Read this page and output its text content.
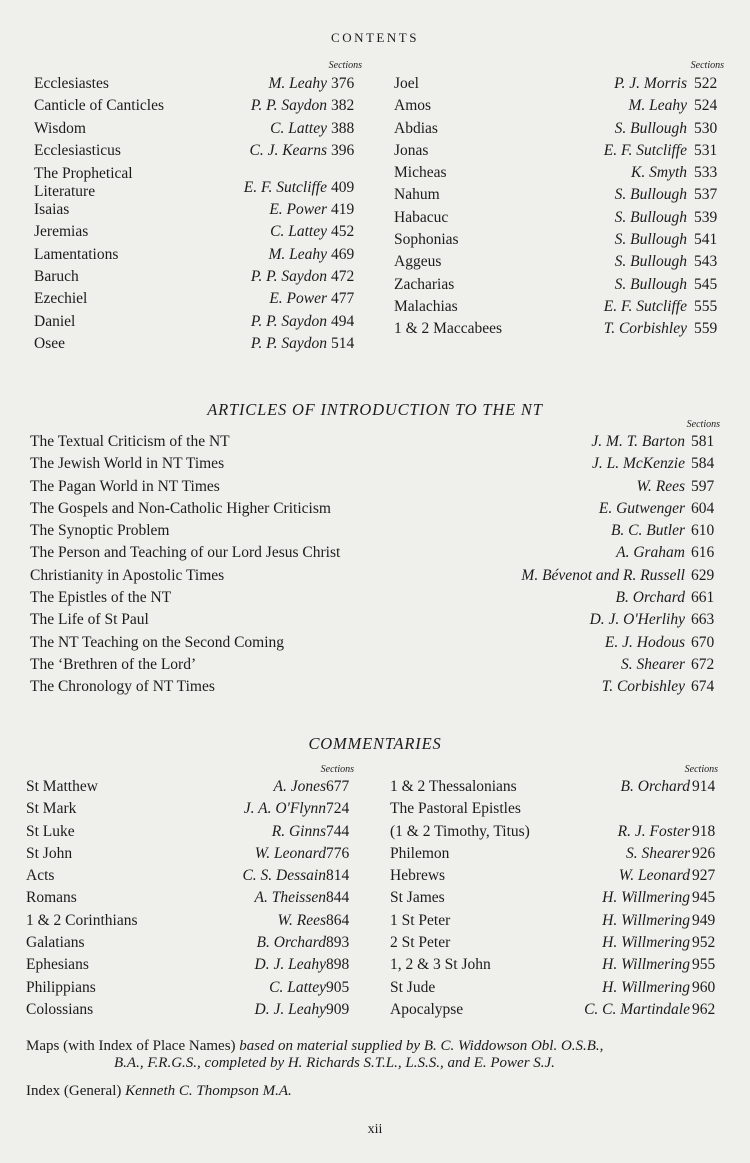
CONTENTS
Sections	Sections
Ecclesiastes	M. Leahy 376
Canticle of Canticles	P. P. Saydon 382
Wisdom	C. Lattey 388
Ecclesiasticus	C. J. Kearns 396
The Prophetical Literature	E. F. Sutcliffe 409
Isaias	E. Power 419
Jeremias	C. Lattey 452
Lamentations	M. Leahy 469
Baruch	P. P. Saydon 472
Ezechiel	E. Power 477
Daniel	P. P. Saydon 494
Osee	P. P. Saydon 514
Joel	P. J. Morris 522
Amos	M. Leahy 524
Abdias	S. Bullough 530
Jonas	E. F. Sutcliffe 531
Micheas	K. Smyth 533
Nahum	S. Bullough 537
Habacuc	S. Bullough 539
Sophonias	S. Bullough 541
Aggeus	S. Bullough 543
Zacharias	S. Bullough 545
Malachias	E. F. Sutcliffe 555
1 & 2 Maccabees	T. Corbishley 559
ARTICLES OF INTRODUCTION TO THE NT
Sections
The Textual Criticism of the NT	J. M. T. Barton 581
The Jewish World in NT Times	J. L. McKenzie 584
The Pagan World in NT Times	W. Rees 597
The Gospels and Non-Catholic Higher Criticism	E. Gutwenger 604
The Synoptic Problem	B. C. Butler 610
The Person and Teaching of our Lord Jesus Christ	A. Graham 616
Christianity in Apostolic Times	M. Bévenot and R. Russell 629
The Epistles of the NT	B. Orchard 661
The Life of St Paul	D. J. O'Herlihy 663
The NT Teaching on the Second Coming	E. J. Hodous 670
The ‘Brethren of the Lord’	S. Shearer 672
The Chronology of NT Times	T. Corbishley 674
COMMENTARIES
Sections	Sections
St Matthew	A. Jones 677
St Mark	J. A. O'Flynn 724
St Luke	R. Ginns 744
St John	W. Leonard 776
Acts	C. S. Dessain 814
Romans	A. Theissen 844
1 & 2 Corinthians	W. Rees 864
Galatians	B. Orchard 893
Ephesians	D. J. Leahy 898
Philippians	C. Lattey 905
Colossians	D. J. Leahy 909
1 & 2 Thessalonians	B. Orchard 914
The Pastoral Epistles
(1 & 2 Timothy, Titus)	R. J. Foster 918
Philemon	S. Shearer 926
Hebrews	W. Leonard 927
St James	H. Willmering 945
1 St Peter	H. Willmering 949
2 St Peter	H. Willmering 952
1, 2 & 3 St John	H. Willmering 955
St Jude	H. Willmering 960
Apocalypse	C. C. Martindale 962
Maps (with Index of Place Names) based on material supplied by B. C. Widdowson Obl. O.S.B.,
B.A., F.R.G.S., completed by H. Richards S.T.L., L.S.S., and E. Power S.J.
Index (General) Kenneth C. Thompson M.A.
xii
